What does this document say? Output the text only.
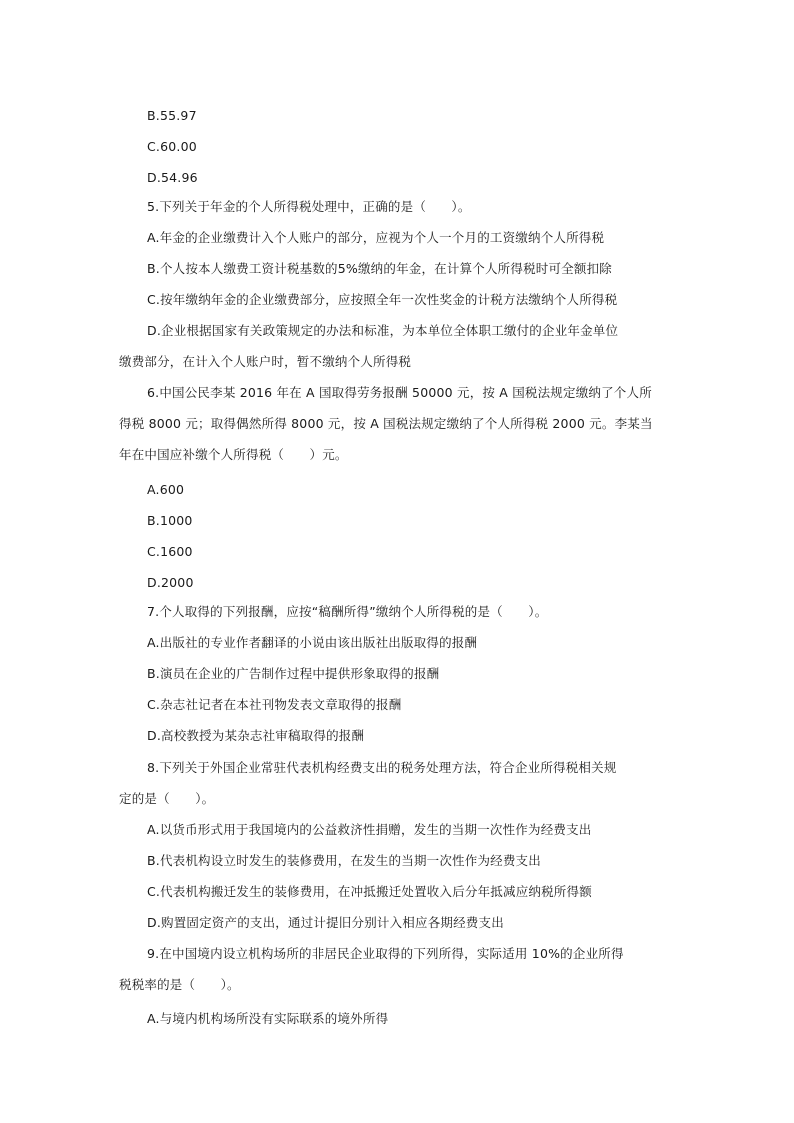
B.55.97
C.60.00
D.54.96
5.下列关于年金的个人所得税处理中，正确的是（　　）。
A.年金的企业缴费计入个人账户的部分，应视为个人一个月的工资缴纳个人所得税
B.个人按本人缴费工资计税基数的5%缴纳的年金，在计算个人所得税时可全额扣除
C.按年缴纳年金的企业缴费部分，应按照全年一次性奖金的计税方法缴纳个人所得税
D.企业根据国家有关政策规定的办法和标准，为本单位全体职工缴付的企业年金单位
缴费部分，在计入个人账户时，暂不缴纳个人所得税
6.中国公民李某 2016 年在 A 国取得劳务报酬 50000 元，按 A 国税法规定缴纳了个人所
得税 8000 元；取得偶然所得 8000 元，按 A 国税法规定缴纳了个人所得税 2000 元。李某当
年在中国应补缴个人所得税（　　）元。
A.600
B.1000
C.1600
D.2000
7.个人取得的下列报酬，应按“稿酬所得”缴纳个人所得税的是（　　）。
A.出版社的专业作者翻译的小说由该出版社出版取得的报酬
B.演员在企业的广告制作过程中提供形象取得的报酬
C.杂志社记者在本社刊物发表文章取得的报酬
D.高校教授为某杂志社审稿取得的报酬
8.下列关于外国企业常驻代表机构经费支出的税务处理方法，符合企业所得税相关规
定的是（　　）。
A.以货币形式用于我国境内的公益救济性捐赠，发生的当期一次性作为经费支出
B.代表机构设立时发生的装修费用，在发生的当期一次性作为经费支出
C.代表机构搬迁发生的装修费用，在冲抵搬迁处置收入后分年抵减应纳税所得额
D.购置固定资产的支出，通过计提旧分别计入相应各期经费支出
9.在中国境内设立机构场所的非居民企业取得的下列所得，实际适用 10%的企业所得
税税率的是（　　）。
A.与境内机构场所没有实际联系的境外所得
